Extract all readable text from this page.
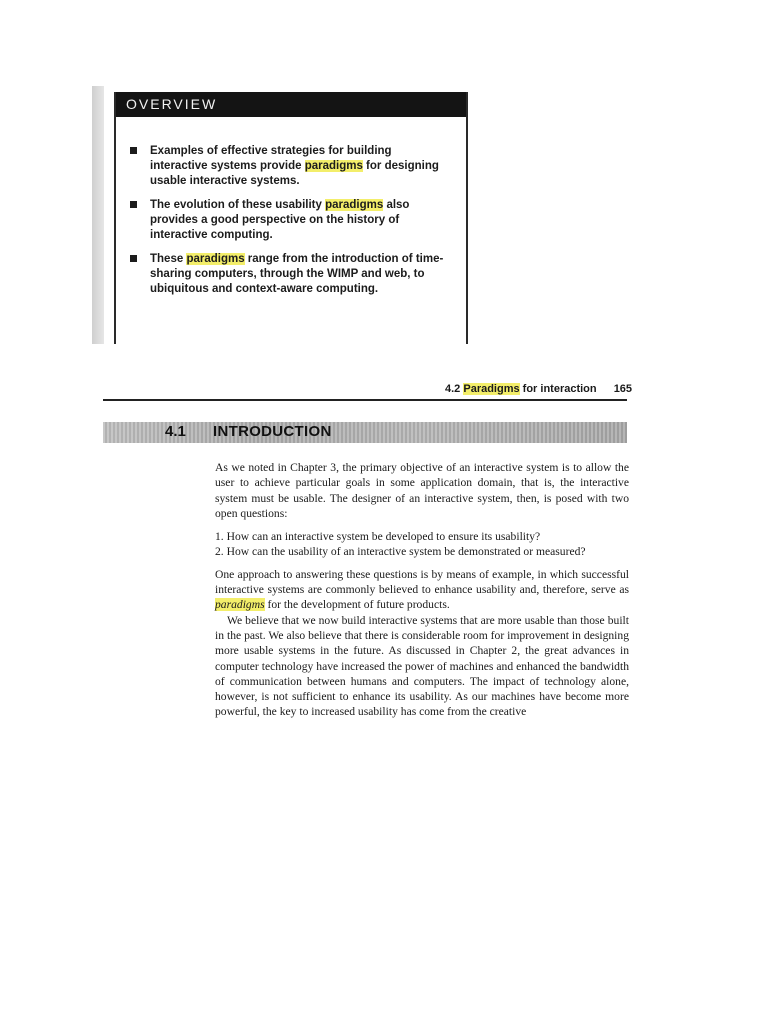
OVERVIEW
Examples of effective strategies for building interactive systems provide paradigms for designing usable interactive systems.
The evolution of these usability paradigms also provides a good perspective on the history of interactive computing.
These paradigms range from the introduction of time-sharing computers, through the WIMP and web, to ubiquitous and context-aware computing.
4.2 Paradigms for interaction 165
4.1 INTRODUCTION

As we noted in Chapter 3, the primary objective of an interactive system is to allow the user to achieve particular goals in some application domain, that is, the interactive system must be usable. The designer of an interactive system, then, is posed with two open questions:

1. How can an interactive system be developed to ensure its usability?
2. How can the usability of an interactive system be demonstrated or measured?

One approach to answering these questions is by means of example, in which successful interactive systems are commonly believed to enhance usability and, therefore, serve as paradigms for the development of future products.

We believe that we now build interactive systems that are more usable than those built in the past. We also believe that there is considerable room for improvement in designing more usable systems in the future. As discussed in Chapter 2, the great advances in computer technology have increased the power of machines and enhanced the bandwidth of communication between humans and computers. The impact of technology alone, however, is not sufficient to enhance its usability. As our machines have become more powerful, the key to increased usability has come from the creative
